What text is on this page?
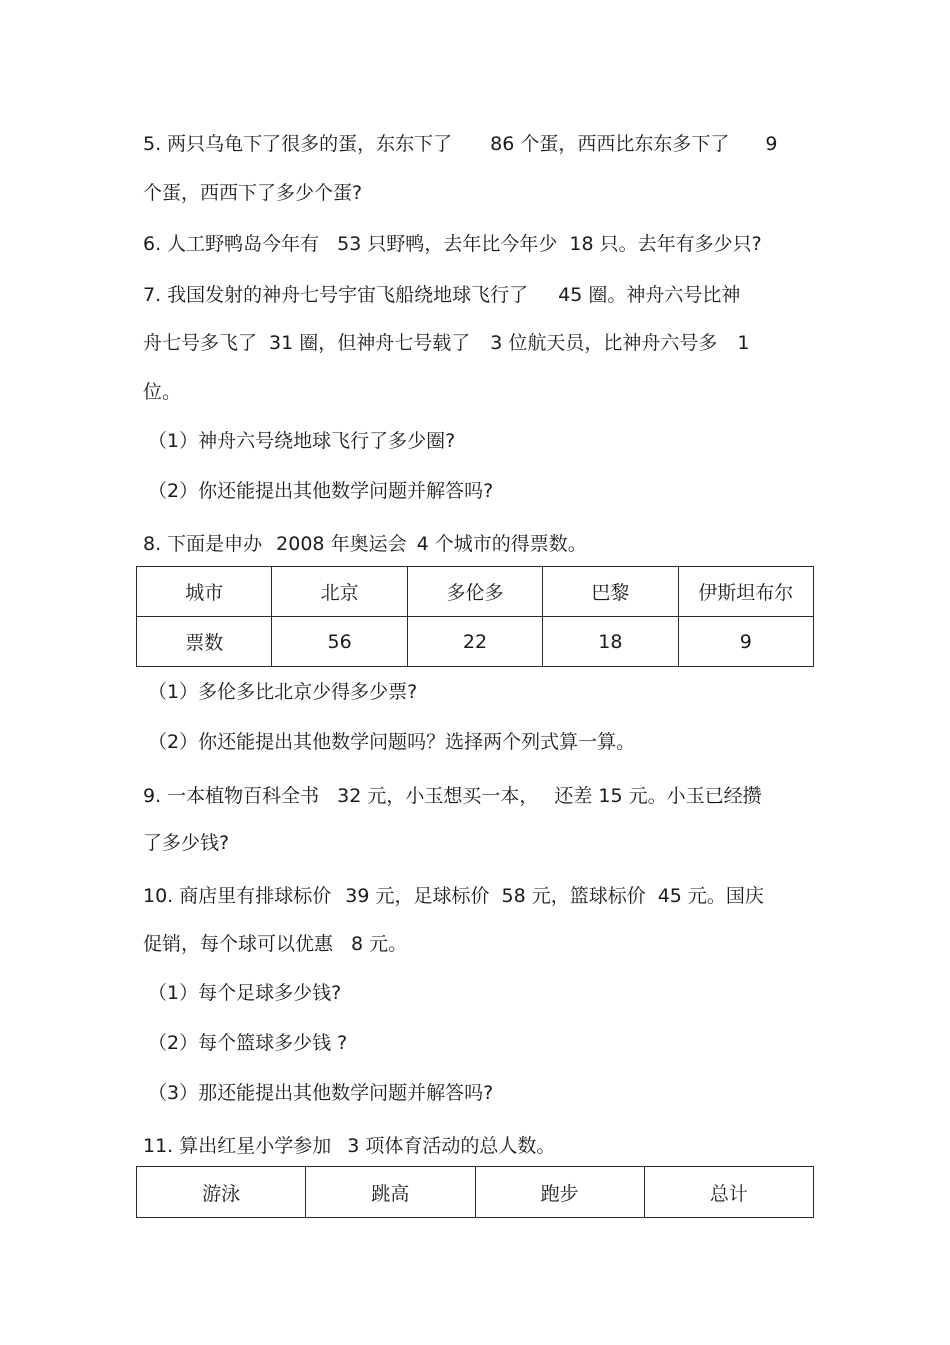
5. 两只乌龟下了很多的蛋，东东下了 86 个蛋，西西比东东多下了 9
个蛋，西西下了多少个蛋?
6. 人工野鸭岛今年有 53 只野鸭，去年比今年少 18 只。去年有多少只?
7. 我国发射的神舟七号宇宙飞船绕地球飞行了 45 圈。神舟六号比神
舟七号多飞了 31 圈，但神舟七号载了 3 位航天员，比神舟六号多 1
位。
（1）神舟六号绕地球飞行了多少圈?
（2）你还能提出其他数学问题并解答吗?
8. 下面是申办 2008 年奥运会 4 个城市的得票数。
城市	北京	多伦多	巴黎	伊斯坦布尔
票数	56	22	18	9
（1）多伦多比北京少得多少票?
（2）你还能提出其他数学问题吗？选择两个列式算一算。
9. 一本植物百科全书 32 元，小玉想买一本， 还差 15 元。小玉已经攒
了多少钱?
10. 商店里有排球标价 39 元，足球标价 58 元，篮球标价 45 元。国庆
促销，每个球可以优惠 8 元。
（1）每个足球多少钱?
（2）每个篮球多少钱 ?
（3）那还能提出其他数学问题并解答吗?
11. 算出红星小学参加 3 项体育活动的总人数。
游泳	跳高	跑步	总计
